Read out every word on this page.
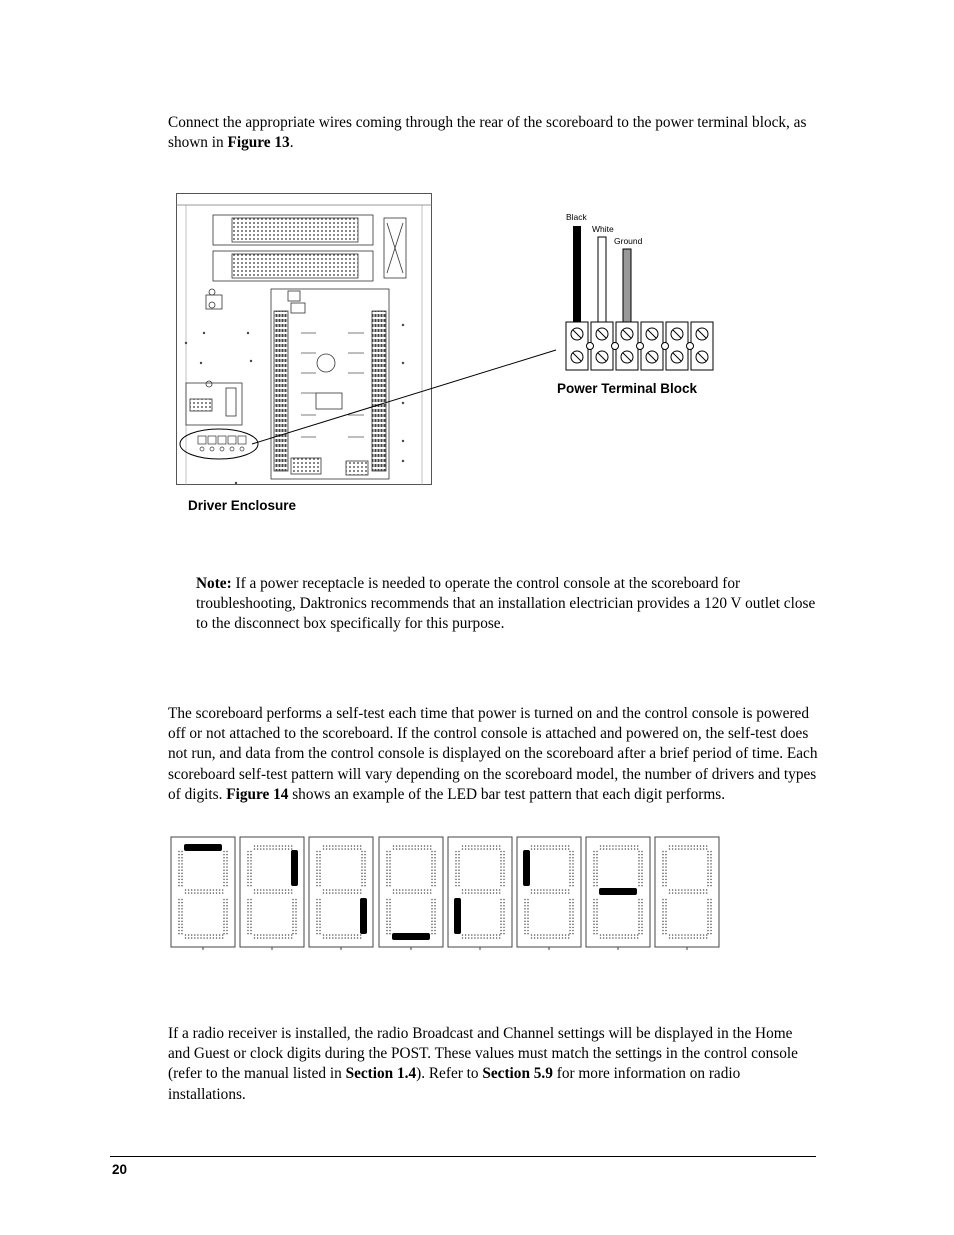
Connect the appropriate wires coming through the rear of the scoreboard to the power terminal block, as shown in Figure 13.

Black
White
Ground
Power Terminal Block
Driver Enclosure

Note: If a power receptacle is needed to operate the control console at the scoreboard for troubleshooting, Daktronics recommends that an installation electrician provides a 120 V outlet close to the disconnect box specifically for this purpose.

The scoreboard performs a self-test each time that power is turned on and the control console is powered off or not attached to the scoreboard. If the control console is attached and powered on, the self-test does not run, and data from the control console is displayed on the scoreboard after a brief period of time. Each scoreboard self-test pattern will vary depending on the scoreboard model, the number of drivers and types of digits. Figure 14 shows an example of the LED bar test pattern that each digit performs.

If a radio receiver is installed, the radio Broadcast and Channel settings will be displayed in the Home and Guest or clock digits during the POST. These values must match the settings in the control console (refer to the manual listed in Section 1.4). Refer to Section 5.9 for more information on radio installations.

20
